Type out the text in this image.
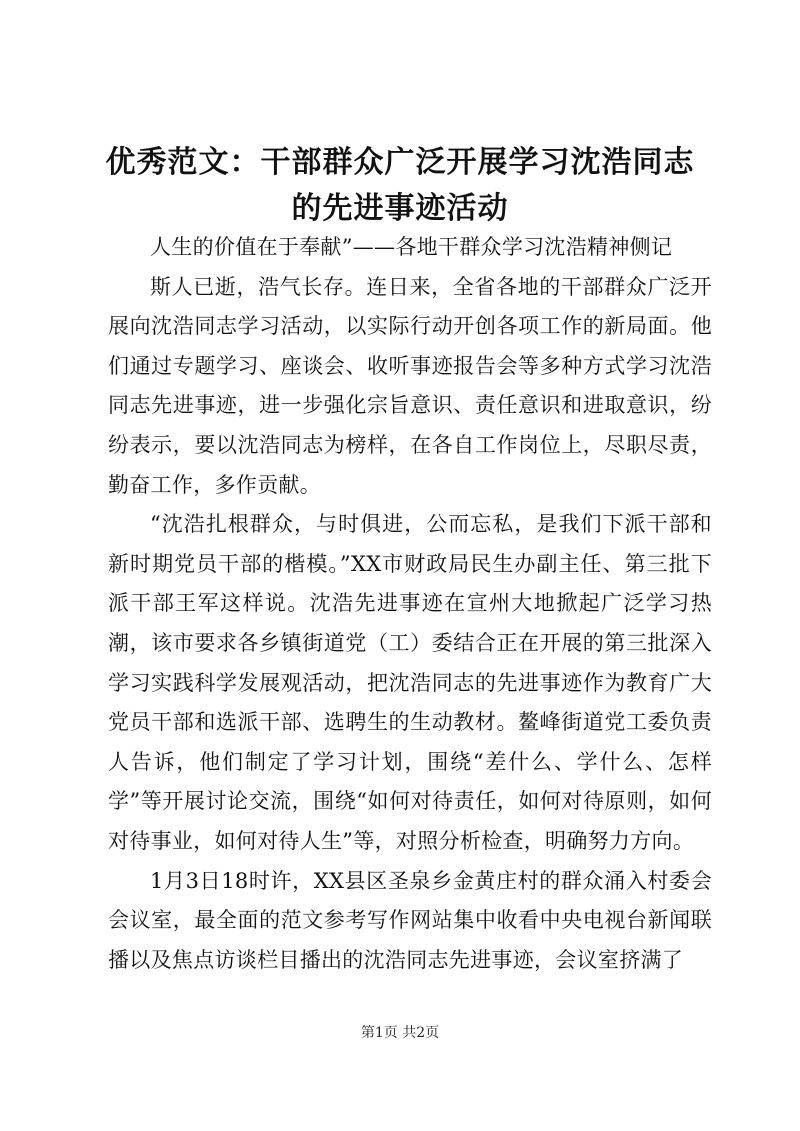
优秀范文：干部群众广泛开展学习沈浩同志的先进事迹活动

人生的价值在于奉献”——各地干群众学习沈浩精神侧记

斯人已逝，浩气长存。连日来，全省各地的干部群众广泛开展向沈浩同志学习活动，以实际行动开创各项工作的新局面。他们通过专题学习、座谈会、收听事迹报告会等多种方式学习沈浩同志先进事迹，进一步强化宗旨意识、责任意识和进取意识，纷纷表示，要以沈浩同志为榜样，在各自工作岗位上，尽职尽责，勤奋工作，多作贡献。

“沈浩扎根群众，与时俱进，公而忘私，是我们下派干部和新时期党员干部的楷模。”XX市财政局民生办副主任、第三批下派干部王军这样说。沈浩先进事迹在宣州大地掀起广泛学习热潮，该市要求各乡镇街道党（工）委结合正在开展的第三批深入学习实践科学发展观活动，把沈浩同志的先进事迹作为教育广大党员干部和选派干部、选聘生的生动教材。鳌峰街道党工委负责人告诉，他们制定了学习计划，围绕“差什么、学什么、怎样学”等开展讨论交流，围绕“如何对待责任，如何对待原则，如何对待事业，如何对待人生”等，对照分析检查，明确努力方向。

1月3日18时许，XX县区圣泉乡金黄庄村的群众涌入村委会会议室，最全面的范文参考写作网站集中收看中央电视台新闻联播以及焦点访谈栏目播出的沈浩同志先进事迹，会议室挤满了

第1页 共2页
